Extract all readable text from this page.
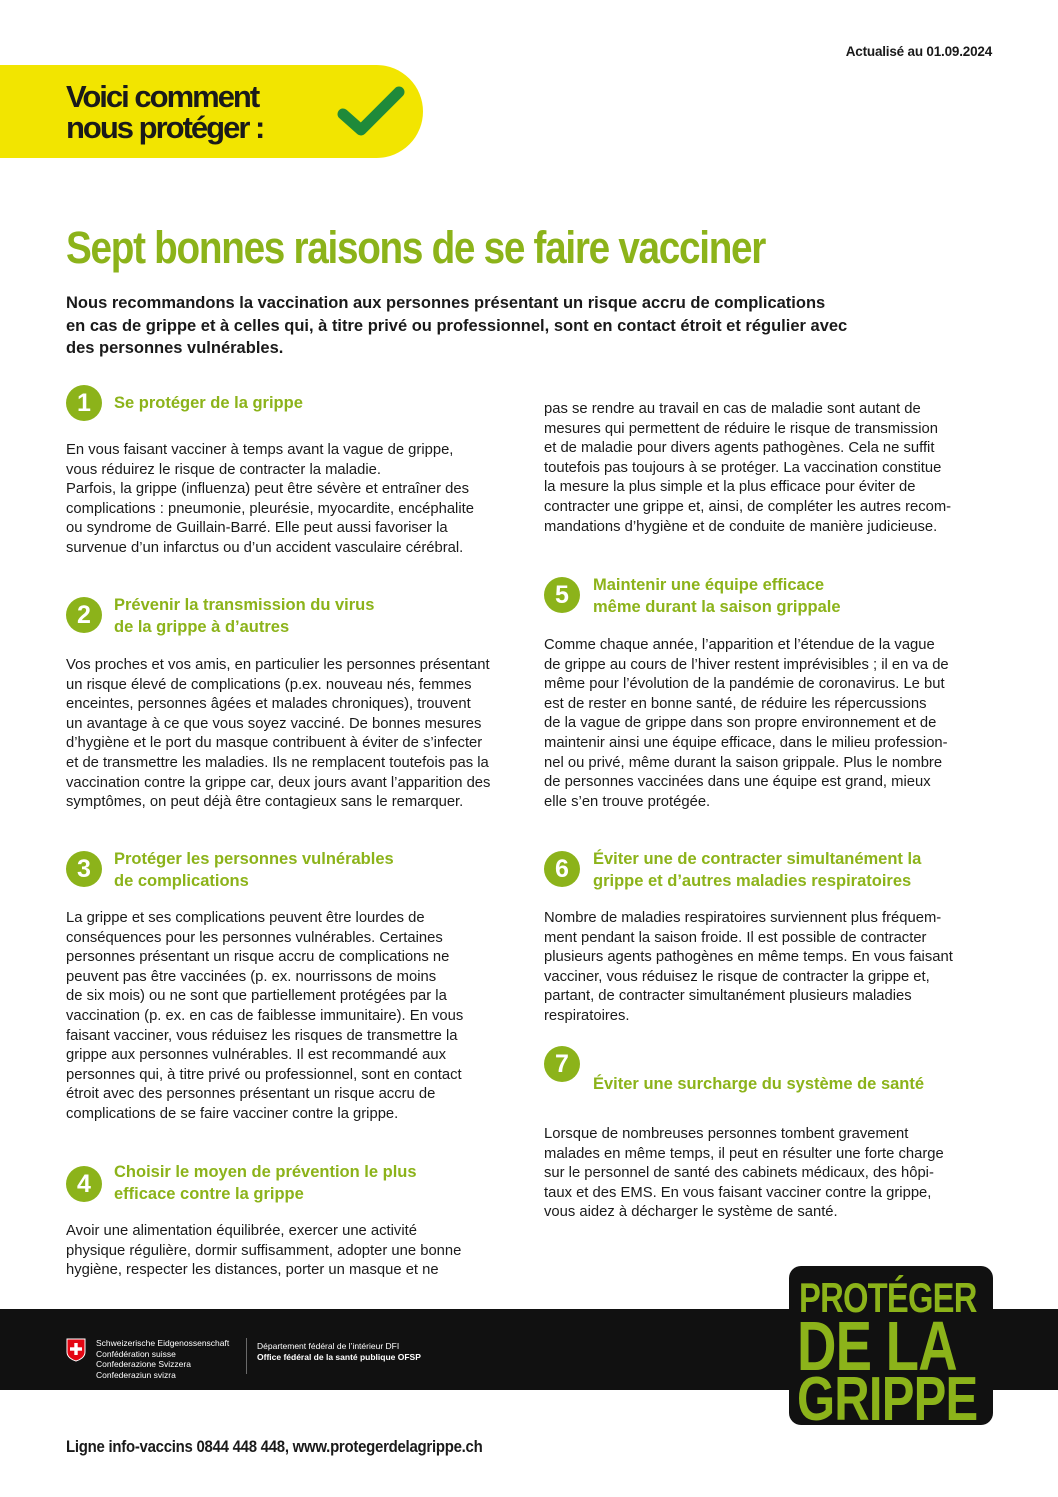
Actualisé au 01.09.2024
Voici comment
nous protéger :
Sept bonnes raisons de se faire vacciner
Nous recommandons la vaccination aux personnes présentant un risque accru de complications
en cas de grippe et à celles qui, à titre privé ou professionnel, sont en contact étroit et régulier avec
des personnes vulnérables.
1	Se protéger de la grippe
En vous faisant vacciner à temps avant la vague de grippe,
vous réduirez le risque de contracter la maladie.
Parfois, la grippe (influenza) peut être sévère et entraîner des
complications : pneumonie, pleurésie, myocardite, encéphalite
ou syndrome de Guillain-Barré. Elle peut aussi favoriser la
survenue d’un infarctus ou d’un accident vasculaire cérébral.
2	Prévenir la transmission du virus
de la grippe à d’autres
Vos proches et vos amis, en particulier les personnes présentant
un risque élevé de complications (p.ex. nouveau nés, femmes
enceintes, personnes âgées et malades chroniques), trouvent
un avantage à ce que vous soyez vacciné. De bonnes mesures
d’hygiène et le port du masque contribuent à éviter de s’infecter
et de transmettre les maladies. Ils ne remplacent toutefois pas la
vaccination contre la grippe car, deux jours avant l’apparition des
symptômes, on peut déjà être contagieux sans le remarquer.
3	Protéger les personnes vulnérables
de complications
La grippe et ses complications peuvent être lourdes de
conséquences pour les personnes vulnérables. Certaines
personnes présentant un risque accru de complications ne
peuvent pas être vaccinées (p. ex. nourrissons de moins
de six mois) ou ne sont que partiellement protégées par la
vaccination (p. ex. en cas de faiblesse immunitaire). En vous
faisant vacciner, vous réduisez les risques de transmettre la
grippe aux personnes vulnérables. Il est recommandé aux
personnes qui, à titre privé ou professionnel, sont en contact
étroit avec des personnes présentant un risque accru de
complications de se faire vacciner contre la grippe.
4	Choisir le moyen de prévention le plus
efficace contre la grippe
Avoir une alimentation équilibrée, exercer une activité
physique régulière, dormir suffisamment, adopter une bonne
hygiène, respecter les distances, porter un masque et ne
pas se rendre au travail en cas de maladie sont autant de
mesures qui permettent de réduire le risque de transmission
et de maladie pour divers agents pathogènes. Cela ne suffit
toutefois pas toujours à se protéger. La vaccination constitue
la mesure la plus simple et la plus efficace pour éviter de
contracter une grippe et, ainsi, de compléter les autres recom-
mandations d’hygiène et de conduite de manière judicieuse.
5	Maintenir une équipe efficace
même durant la saison grippale
Comme chaque année, l’apparition et l’étendue de la vague
de grippe au cours de l’hiver restent imprévisibles ; il en va de
même pour l’évolution de la pandémie de coronavirus. Le but
est de rester en bonne santé, de réduire les répercussions
de la vague de grippe dans son propre environnement et de
maintenir ainsi une équipe efficace, dans le milieu profession-
nel ou privé, même durant la saison grippale. Plus le nombre
de personnes vaccinées dans une équipe est grand, mieux
elle s’en trouve protégée.
6	Éviter une de contracter simultanément la
grippe et d’autres maladies respiratoires
Nombre de maladies respiratoires surviennent plus fréquem-
ment pendant la saison froide. Il est possible de contracter
plusieurs agents pathogènes en même temps. En vous faisant
vacciner, vous réduisez le risque de contracter la grippe et,
partant, de contracter simultanément plusieurs maladies
respiratoires.
7
Éviter une surcharge du système de santé
Lorsque de nombreuses personnes tombent gravement
malades en même temps, il peut en résulter une forte charge
sur le personnel de santé des cabinets médicaux, des hôpi-
taux et des EMS. En vous faisant vacciner contre la grippe,
vous aidez à décharger le système de santé.
Schweizerische Eidgenossenschaft
Confédération suisse
Confederazione Svizzera
Confederaziun svizra
Département fédéral de l’intérieur DFI
Office fédéral de la santé publique OFSP
PROTÉGER
DE LA
GRIPPE
Ligne info-vaccins 0844 448 448, www.protegerdelagrippe.ch
